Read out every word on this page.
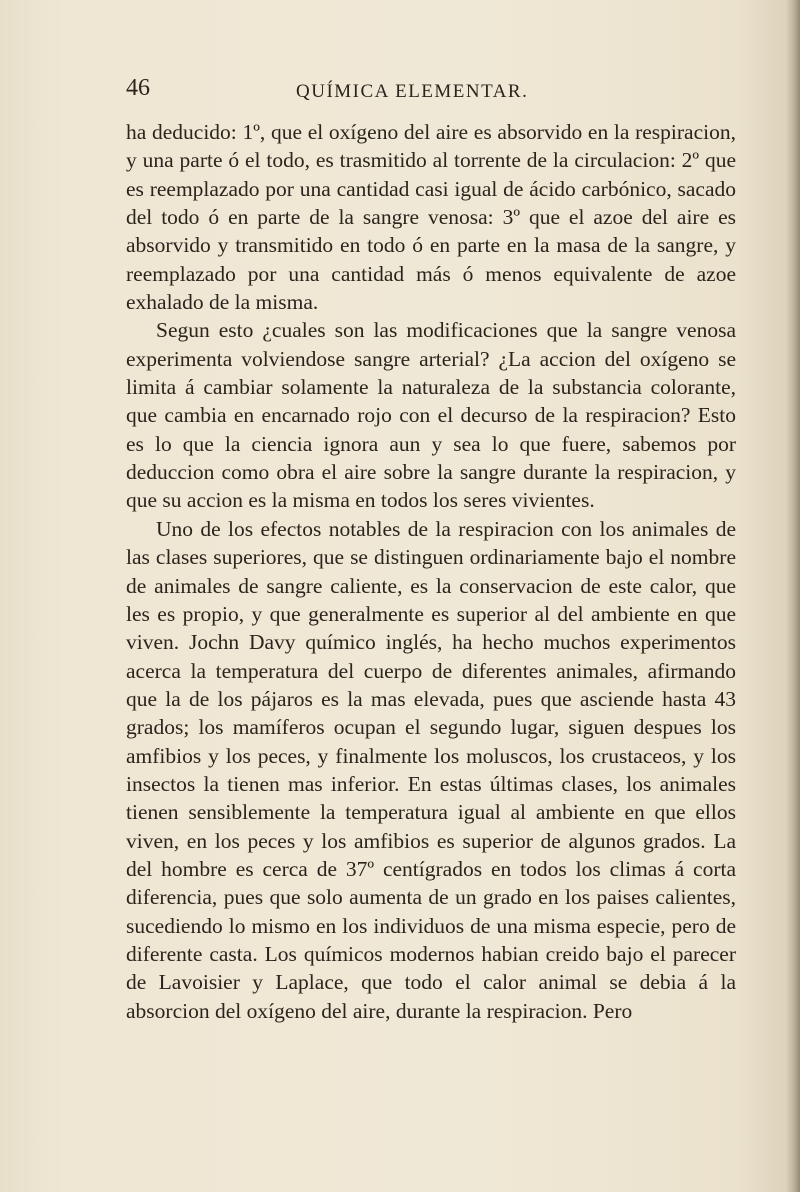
46	QUÍMICA ELEMENTAR.

ha deducido: 1º, que el oxígeno del aire es absorvido en la respiracion, y una parte ó el todo, es trasmitido al torrente de la circulacion: 2º que es reemplazado por una cantidad casi igual de ácido carbónico, sacado del todo ó en parte de la sangre venosa: 3º que el azoe del aire es absorvido y transmitido en todo ó en parte en la masa de la sangre, y reemplazado por una cantidad más ó menos equivalente de azoe exhalado de la misma.

Segun esto ¿cuales son las modificaciones que la sangre venosa experimenta volviendose sangre arterial? ¿La accion del oxígeno se limita á cambiar solamente la naturaleza de la substancia colorante, que cambia en encarnado rojo con el decurso de la respiracion? Esto es lo que la ciencia ignora aun y sea lo que fuere, sabemos por deduccion como obra el aire sobre la sangre durante la respiracion, y que su accion es la misma en todos los seres vivientes.

Uno de los efectos notables de la respiracion con los animales de las clases superiores, que se distinguen ordinariamente bajo el nombre de animales de sangre caliente, es la conservacion de este calor, que les es propio, y que generalmente es superior al del ambiente en que viven. Jochn Davy químico inglés, ha hecho muchos experimentos acerca la temperatura del cuerpo de diferentes animales, afirmando que la de los pájaros es la mas elevada, pues que asciende hasta 43 grados; los mamíferos ocupan el segundo lugar, siguen despues los amfibios y los peces, y finalmente los moluscos, los crustaceos, y los insectos la tienen mas inferior. En estas últimas clases, los animales tienen sensiblemente la temperatura igual al ambiente en que ellos viven, en los peces y los amfibios es superior de algunos grados. La del hombre es cerca de 37º centígrados en todos los climas á corta diferencia, pues que solo aumenta de un grado en los paises calientes, sucediendo lo mismo en los individuos de una misma especie, pero de diferente casta. Los químicos modernos habian creido bajo el parecer de Lavoisier y Laplace, que todo el calor animal se debia á la absorcion del oxígeno del aire, durante la respiracion. Pero
